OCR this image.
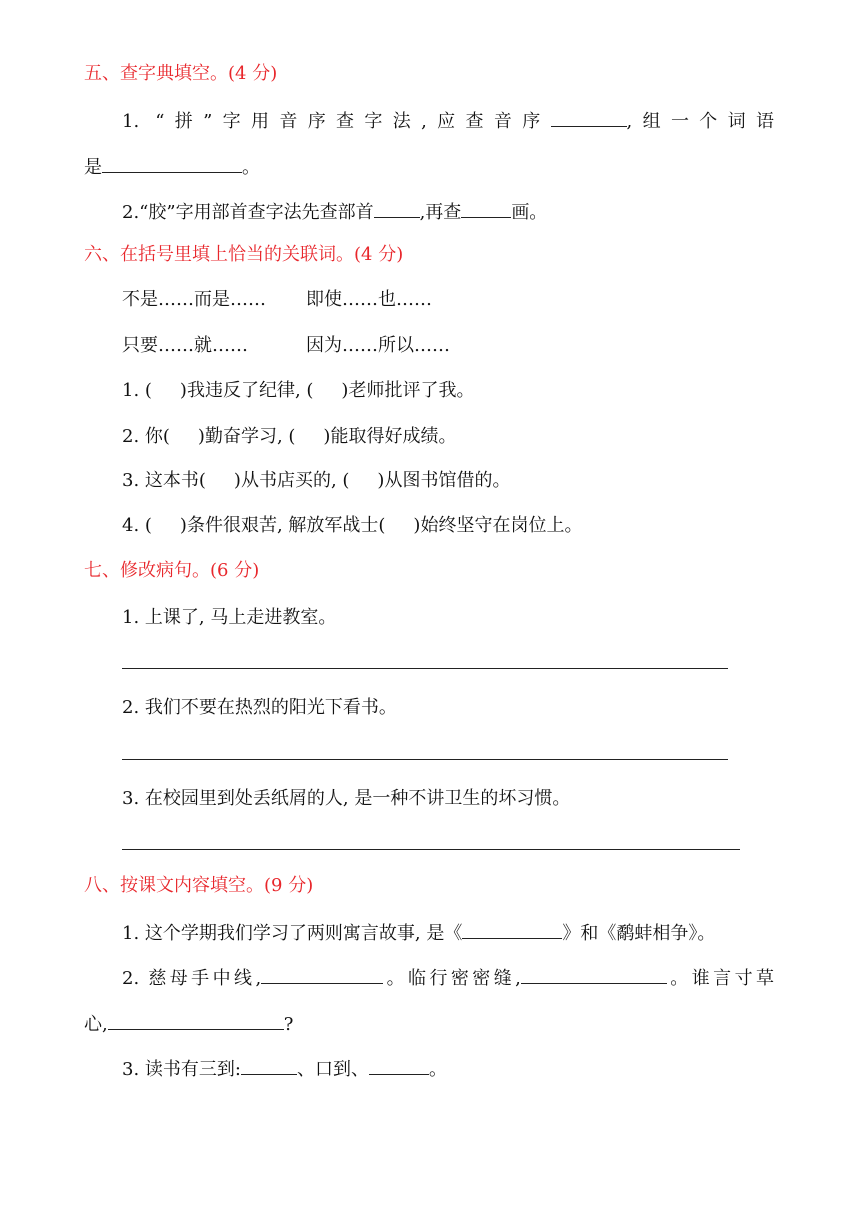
五、查字典填空。(4 分)
1. “拼”字用音序查字法,应查音序	,组一个词语
是	。
2.“胶”字用部首查字法先查部首	,再查	画。
六、在括号里填上恰当的关联词。(4 分)
不是……而是…… 即使……也……
只要……就……	因为……所以……
1. ( )我违反了纪律, ( )老师批评了我。
2. 你( )勤奋学习, ( )能取得好成绩。
3. 这本书( )从书店买的, ( )从图书馆借的。
4. ( )条件很艰苦, 解放军战士( )始终坚守在岗位上。
七、修改病句。(6 分)
1. 上课了, 马上走进教室。
2. 我们不要在热烈的阳光下看书。
3. 在校园里到处丢纸屑的人, 是一种不讲卫生的坏习惯。
八、按课文内容填空。(9 分)
1. 这个学期我们学习了两则寓言故事, 是《	》和《鹬蚌相争》。
2. 慈母手中线,	。临行密密缝,	。谁言寸草
心,	?
3. 读书有三到:	、口到、	。
